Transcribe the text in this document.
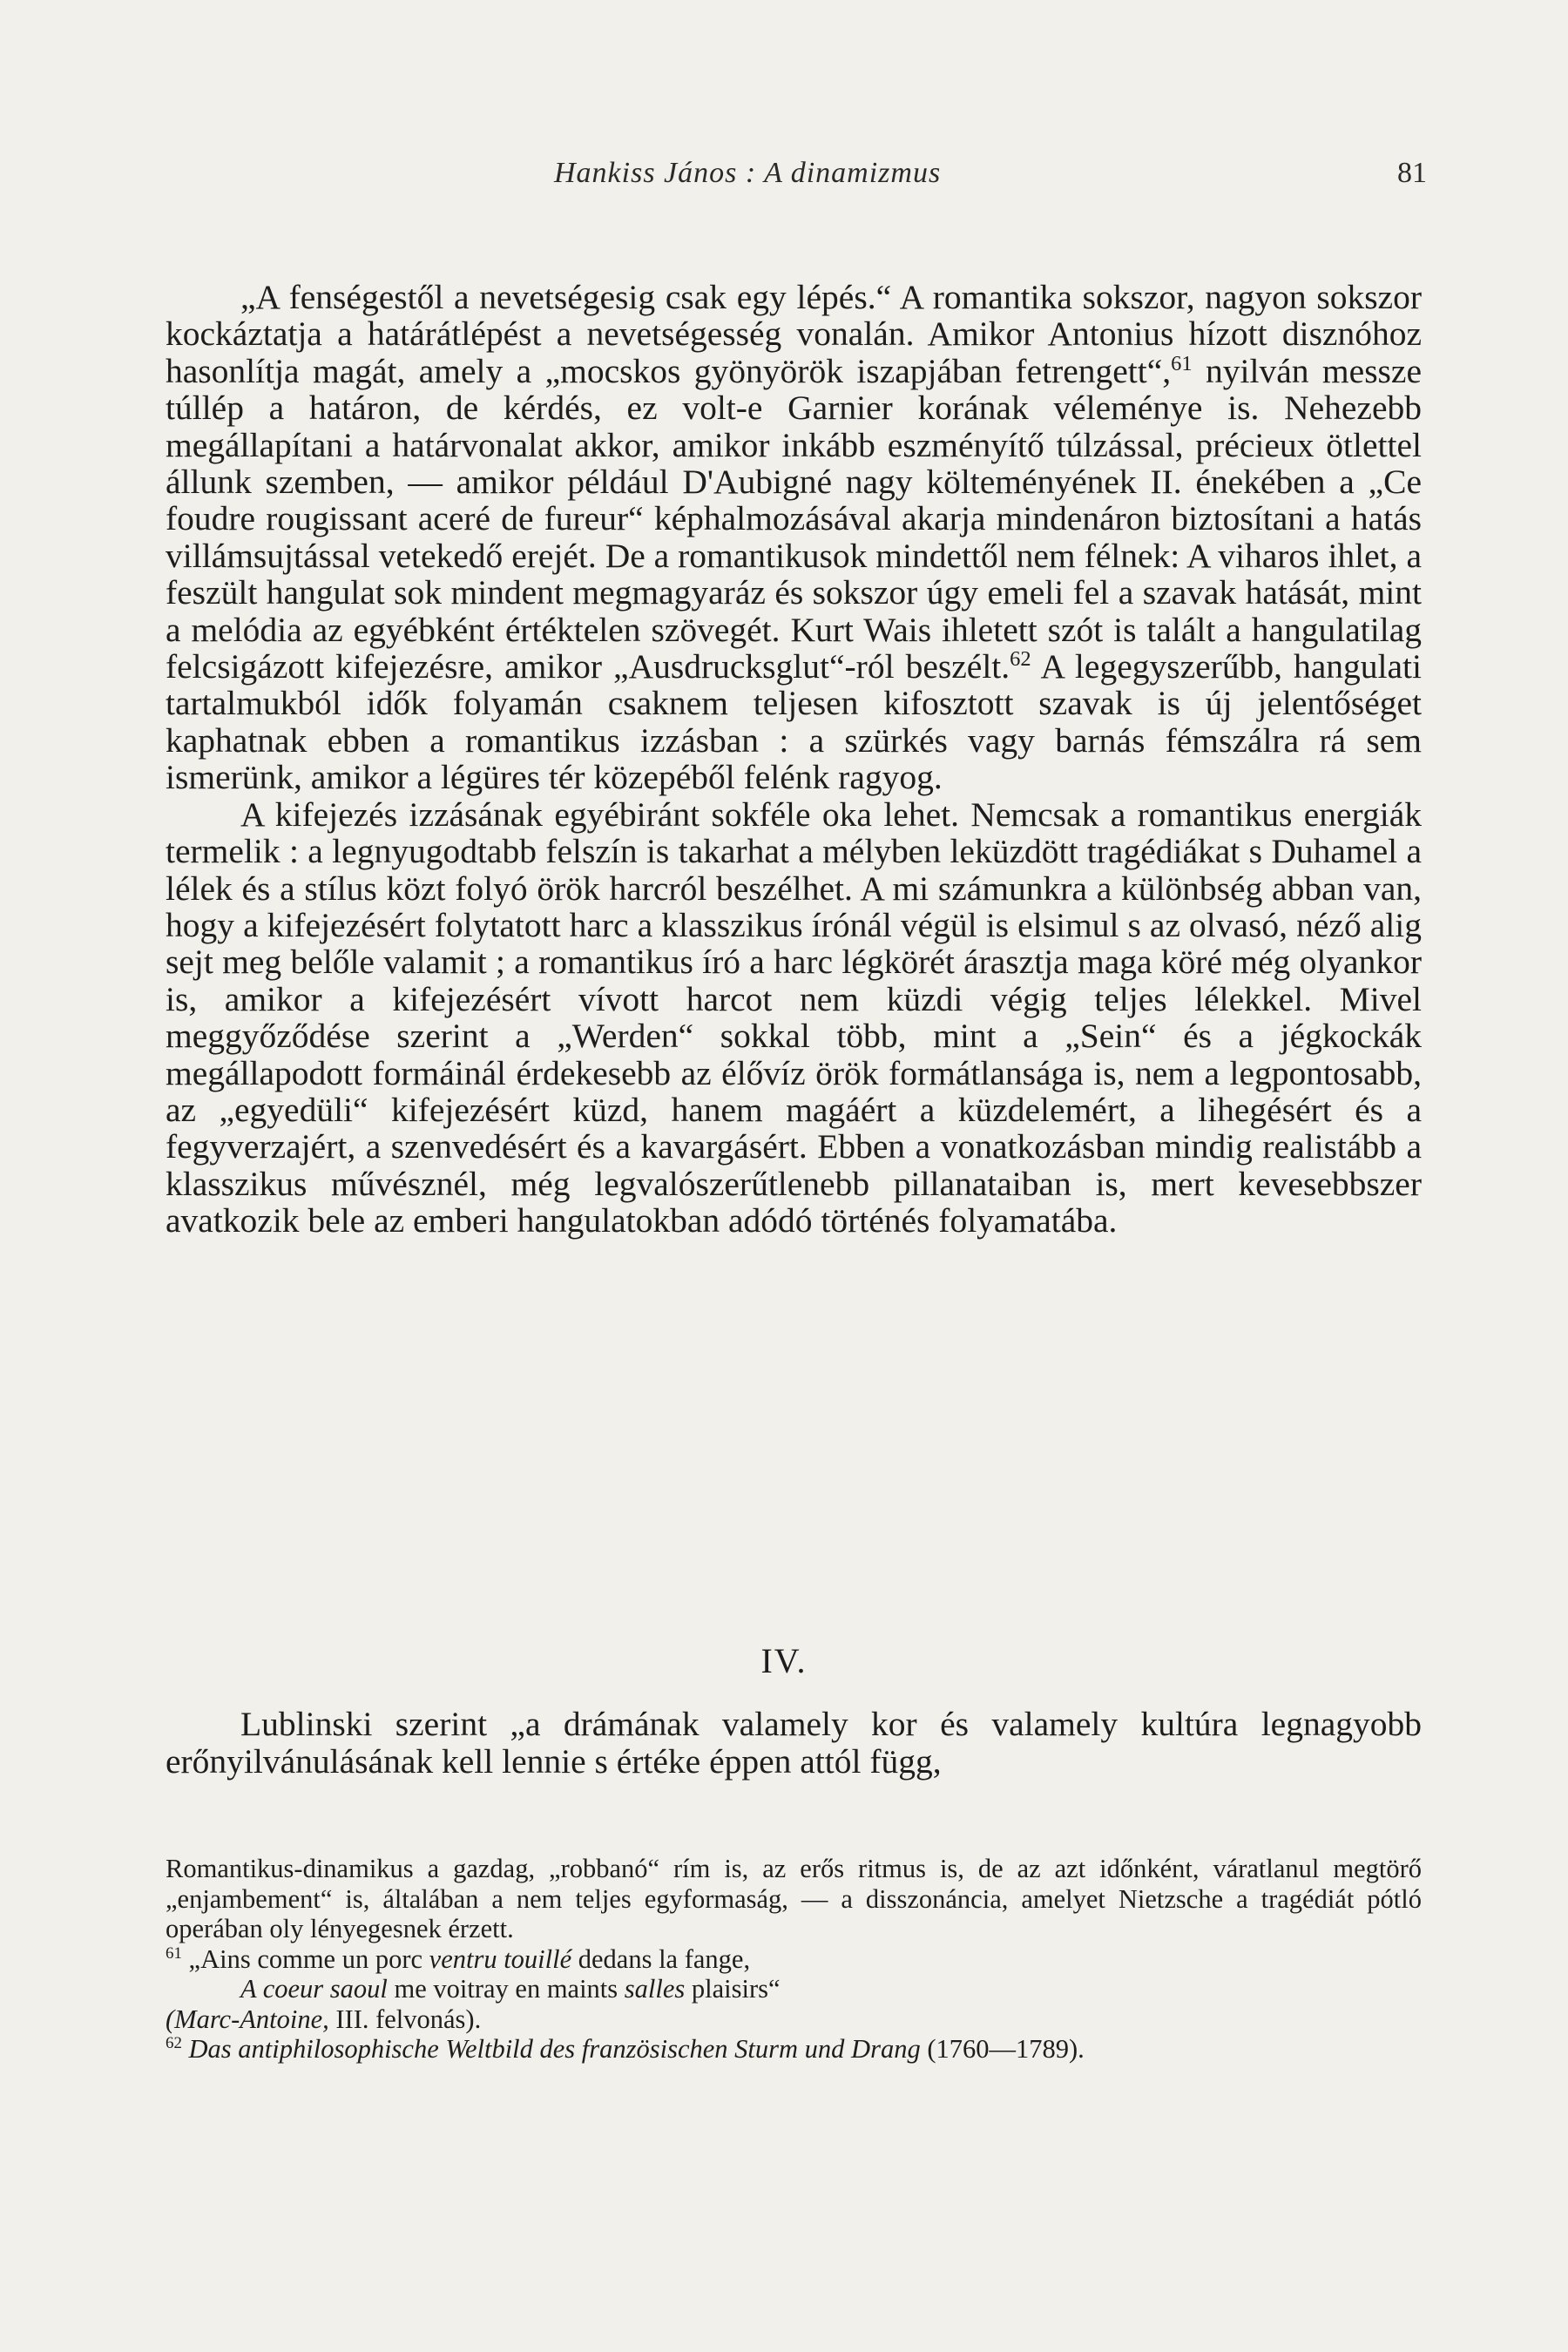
Hankiss János : A dinamizmus	81

„A fenségestől a nevetségesig csak egy lépés.“ A romantika sokszor, nagyon sokszor kockáztatja a határátlépést a nevetségesség vonalán. Amikor Antonius hízott disznóhoz hasonlítja magát, amely a „mocskos gyönyörök iszapjában fetrengett“,$^{61}$ nyilván messze túllép a határon, de kérdés, ez volt-e Garnier korának véleménye is. Nehezebb megállapítani a határvonalat akkor, amikor inkább eszményítő túlzással, précieux ötlettel állunk szemben, — amikor például D'Aubigné nagy költeményének II. énekében a „Ce foudre rougissant aceré de fureur“ képhalmozásával akarja mindenáron biztosítani a hatás villámsujtással vetekedő erejét. De a romantikusok mindettől nem félnek: A viharos ihlet, a feszült hangulat sok mindent megmagyaráz és sokszor úgy emeli fel a szavak hatását, mint a melódia az egyébként értéktelen szövegét. Kurt Wais ihletett szót is talált a hangulatilag felcsigázott kifejezésre, amikor „Ausdrucksglut“-ról beszélt.$^{62}$ A legegyszerűbb, hangulati tartalmukból idők folyamán csaknem teljesen kifosztott szavak is új jelentőséget kaphatnak ebben a romantikus izzásban : a szürkés vagy barnás fémszálra rá sem ismerünk, amikor a légüres tér közepéből felénk ragyog.

A kifejezés izzásának egyébiránt sokféle oka lehet. Nemcsak a romantikus energiák termelik : a legnyugodtabb felszín is takarhat a mélyben leküzdött tragédiákat s Duhamel a lélek és a stílus közt folyó örök harcról beszélhet. A mi számunkra a különbség abban van, hogy a kifejezésért folytatott harc a klasszikus írónál végül is elsimul s az olvasó, néző alig sejt meg belőle valamit ; a romantikus író a harc légkörét árasztja maga köré még olyankor is, amikor a kifejezésért vívott harcot nem küzdi végig teljes lélekkel. Mivel meggyőződése szerint a „Werden“ sokkal több, mint a „Sein“ és a jégkockák megállapodott formáinál érdekesebb az élővíz örök formátlansága is, nem a legpontosabb, az „egyedüli“ kifejezésért küzd, hanem magáért a küzdelemért, a lihegésért és a fegyverzajért, a szenvedésért és a kavargásért. Ebben a vonatkozásban mindig realistább a klasszikus művésznél, még legvalószerűtlenebb pillanataiban is, mert kevesebbszer avatkozik bele az emberi hangulatokban adódó történés folyamatába.

IV.

Lublinski szerint „a drámának valamely kor és valamely kultúra legnagyobb erőnyilvánulásának kell lennie s értéke éppen attól függ,

Romantikus-dinamikus a gazdag, „robbanó“ rím is, az erős ritmus is, de az azt időnként, váratlanul megtörő „enjambement“ is, általában a nem teljes egyformaság, — a disszonáncia, amelyet Nietzsche a tragédiát pótló operában oly lényegesnek érzett.

$^{61}$ „Ains comme un porc ventru touillé dedans la fange,

A coeur saoul me voitray en maints salles plaisirs“

(Marc-Antoine, III. felvonás).

$^{62}$ Das antiphilosophische Weltbild des französischen Sturm und Drang (1760—1789).
